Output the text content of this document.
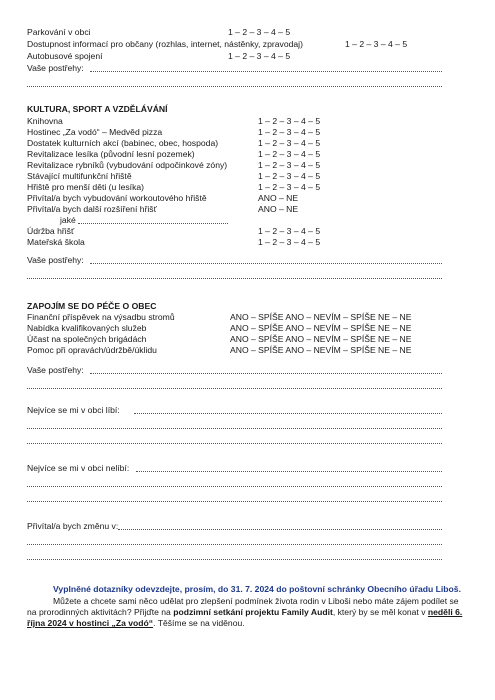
Parkování v obci	1 – 2 – 3 – 4 – 5
Dostupnost informací pro občany (rozhlas, internet, nástěnky, zpravodaj)	1 – 2 – 3 – 4 – 5
Autobusové spojení	1 – 2 – 3 – 4 – 5
Vaše postřehy:
KULTURA, SPORT A VZDĚLÁVÁNÍ
Knihovna	1 – 2 – 3 – 4 – 5
Hostinec „Za vodó“ – Medvěd pizza	1 – 2 – 3 – 4 – 5
Dostatek kulturních akcí (babinec, obec, hospoda)	1 – 2 – 3 – 4 – 5
Revitalizace lesíka (původní lesní pozemek)	1 – 2 – 3 – 4 – 5
Revitalizace rybníků (vybudování odpočinkové zóny)	1 – 2 – 3 – 4 – 5
Stávající multifunkční hřiště	1 – 2 – 3 – 4 – 5
Hřiště pro menší děti (u lesíka)	1 – 2 – 3 – 4 – 5
Přivítal/a bych vybudování workoutového hřiště	ANO – NE
Přivítal/a bych další rozšíření hřišť	ANO – NE
jaké
Údržba hřišť	1 – 2 – 3 – 4 – 5
Mateřská škola	1 – 2 – 3 – 4 – 5
Vaše postřehy:
ZAPOJÍM SE DO PÉČE O OBEC
Finanční příspěvek na výsadbu stromů	ANO – SPÍŠE ANO – NEVÍM – SPÍŠE NE – NE
Nabídka kvalifikovaných služeb	ANO – SPÍŠE ANO – NEVÍM – SPÍŠE NE – NE
Účast na společných brigádách	ANO – SPÍŠE ANO – NEVÍM – SPÍŠE NE – NE
Pomoc při opravách/údržbě/úklidu	ANO – SPÍŠE ANO – NEVÍM – SPÍŠE NE – NE
Vaše postřehy:
Nejvíce se mi v obci líbí:
Nejvíce se mi v obci nelíbí:
Přivítal/a bych změnu v:

Vyplněné dotazníky odevzdejte, prosím, do 31. 7. 2024 do poštovní schránky Obecního úřadu Liboš.

Můžete a chcete sami něco udělat pro zlepšení podmínek života rodin v Liboši nebo máte zájem podílet se na prorodinných aktivitách? Přijďte na podzimní setkání projektu Family Audit, který by se měl konat v neděli 6. října 2024 v hostinci „Za vodó“. Těšíme se na viděnou.
